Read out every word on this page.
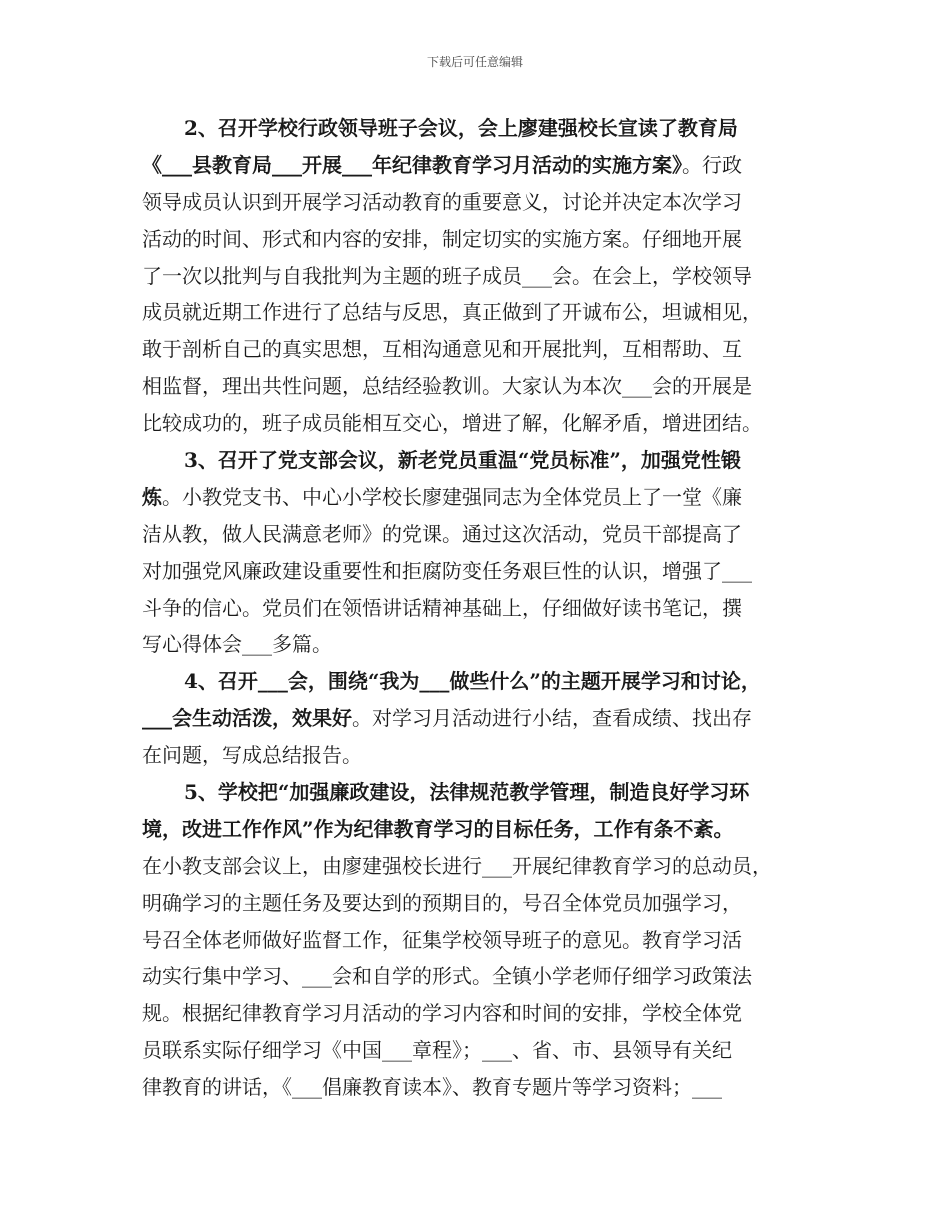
下载后可任意编辑
2、召开学校行政领导班子会议，会上廖建强校长宣读了教育局
《___县教育局___开展___年纪律教育学习月活动的实施方案》。行政
领导成员认识到开展学习活动教育的重要意义，讨论并决定本次学习
活动的时间、形式和内容的安排，制定切实的实施方案。仔细地开展
了一次以批判与自我批判为主题的班子成员___会。在会上，学校领导
成员就近期工作进行了总结与反思，真正做到了开诚布公，坦诚相见，
敢于剖析自己的真实思想，互相沟通意见和开展批判，互相帮助、互
相监督，理出共性问题，总结经验教训。大家认为本次___会的开展是
比较成功的，班子成员能相互交心，增进了解，化解矛盾，增进团结。
3、召开了党支部会议，新老党员重温“党员标准”，加强党性锻
炼。小教党支书、中心小学校长廖建强同志为全体党员上了一堂《廉
洁从教，做人民满意老师》的党课。通过这次活动，党员干部提高了
对加强党风廉政建设重要性和拒腐防变任务艰巨性的认识，增强了___
斗争的信心。党员们在领悟讲话精神基础上，仔细做好读书笔记，撰
写心得体会___多篇。
4、召开___会，围绕“我为___做些什么”的主题开展学习和讨论，
___会生动活泼，效果好。对学习月活动进行小结，查看成绩、找出存
在问题，写成总结报告。
5、学校把“加强廉政建设，法律规范教学管理，制造良好学习环
境，改进工作作风”作为纪律教育学习的目标任务，工作有条不紊。
在小教支部会议上，由廖建强校长进行___开展纪律教育学习的总动员，
明确学习的主题任务及要达到的预期目的，号召全体党员加强学习，
号召全体老师做好监督工作，征集学校领导班子的意见。教育学习活
动实行集中学习、___会和自学的形式。全镇小学老师仔细学习政策法
规。根据纪律教育学习月活动的学习内容和时间的安排，学校全体党
员联系实际仔细学习《中国___章程》；___、省、市、县领导有关纪
律教育的讲话，《___倡廉教育读本》、教育专题片等学习资料；___
